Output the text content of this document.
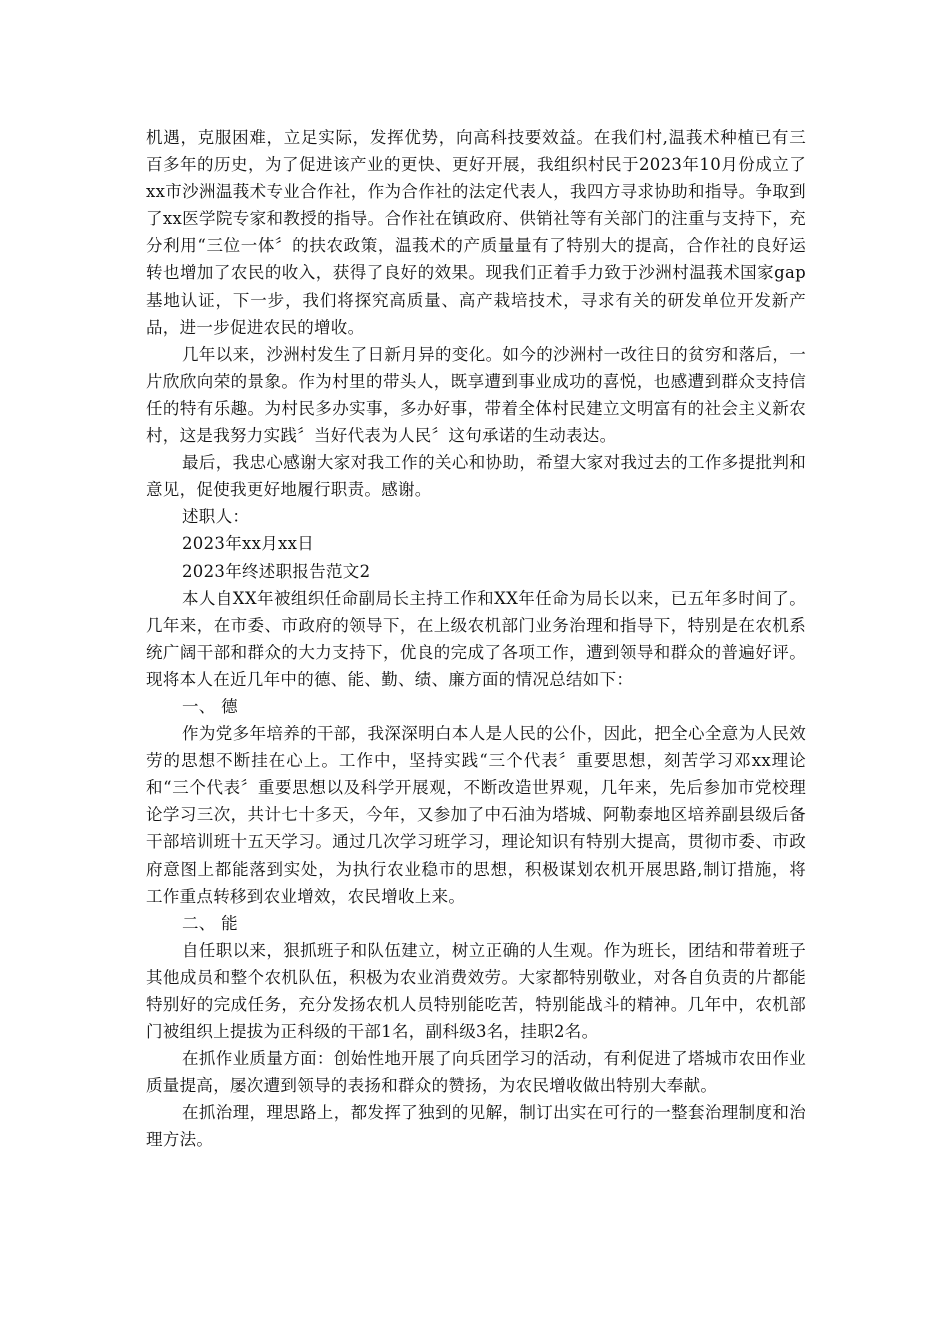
机遇，克服困难，立足实际，发挥优势，向高科技要效益。在我们村,温莪术种植已有三百多年的历史，为了促进该产业的更快、更好开展，我组织村民于2023年10月份成立了xx市沙洲温莪术专业合作社，作为合作社的法定代表人，我四方寻求协助和指导。争取到了xx医学院专家和教授的指导。合作社在镇政府、供销社等有关部门的注重与支持下，充分利用“三位一体〞的扶农政策，温莪术的产质量量有了特别大的提高，合作社的良好运转也增加了农民的收入，获得了良好的效果。现我们正着手力致于沙洲村温莪术国家gap基地认证，下一步，我们将探究高质量、高产栽培技术，寻求有关的研发单位开发新产品，进一步促进农民的增收。

几年以来，沙洲村发生了日新月异的变化。如今的沙洲村一改往日的贫穷和落后，一片欣欣向荣的景象。作为村里的带头人，既享遭到事业成功的喜悦，也感遭到群众支持信任的特有乐趣。为村民多办实事，多办好事，带着全体村民建立文明富有的社会主义新农村，这是我努力实践〞当好代表为人民〞这句承诺的生动表达。

最后，我忠心感谢大家对我工作的关心和协助，希望大家对我过去的工作多提批判和意见，促使我更好地履行职责。感谢。

述职人：

2023年xx月xx日

2023年终述职报告范文2

本人自XX年被组织任命副局长主持工作和XX年任命为局长以来，已五年多时间了。几年来，在市委、市政府的领导下，在上级农机部门业务治理和指导下，特别是在农机系统广阔干部和群众的大力支持下，优良的完成了各项工作，遭到领导和群众的普遍好评。现将本人在近几年中的德、能、勤、绩、廉方面的情况总结如下：

一、 德

作为党多年培养的干部，我深深明白本人是人民的公仆，因此，把全心全意为人民效劳的思想不断挂在心上。工作中，坚持实践“三个代表〞重要思想，刻苦学习邓xx理论和“三个代表〞重要思想以及科学开展观，不断改造世界观，几年来，先后参加市党校理论学习三次，共计七十多天，今年，又参加了中石油为塔城、阿勒泰地区培养副县级后备干部培训班十五天学习。通过几次学习班学习，理论知识有特别大提高，贯彻市委、市政府意图上都能落到实处，为执行农业稳市的思想，积极谋划农机开展思路,制订措施，将工作重点转移到农业增效，农民增收上来。

二、 能

自任职以来，狠抓班子和队伍建立，树立正确的人生观。作为班长，团结和带着班子其他成员和整个农机队伍，积极为农业消费效劳。大家都特别敬业，对各自负责的片都能特别好的完成任务，充分发扬农机人员特别能吃苦，特别能战斗的精神。几年中，农机部门被组织上提拔为正科级的干部1名，副科级3名，挂职2名。

在抓作业质量方面：创始性地开展了向兵团学习的活动，有利促进了塔城市农田作业质量提高，屡次遭到领导的表扬和群众的赞扬，为农民增收做出特别大奉献。

在抓治理，理思路上，都发挥了独到的见解，制订出实在可行的一整套治理制度和治理方法。
